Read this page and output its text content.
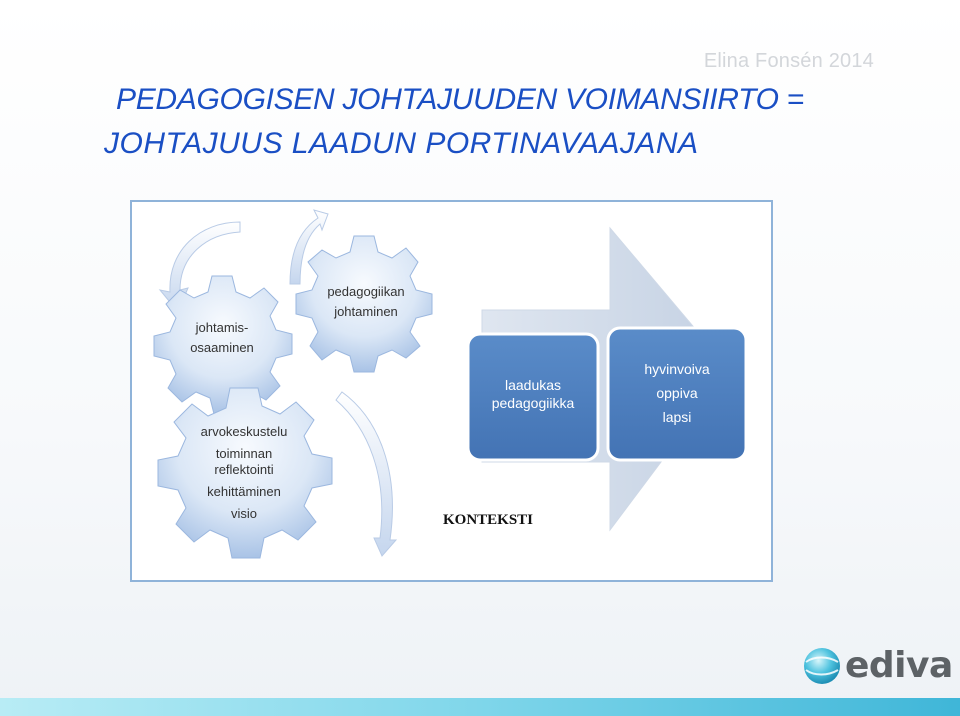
Elina Fonsén 2014
PEDAGOGISEN JOHTAJUUDEN VOIMANSIIRTO =
JOHTAJUUS LAADUN PORTINAVAAJANA
johtamis-
osaaminen
pedagogiikan
johtaminen
arvokeskustelu
toiminnan
reflektointi
kehittäminen
visio
laadukas
pedagogiikka
hyvinvoiva
oppiva
lapsi
KONTEKSTI
ediva
